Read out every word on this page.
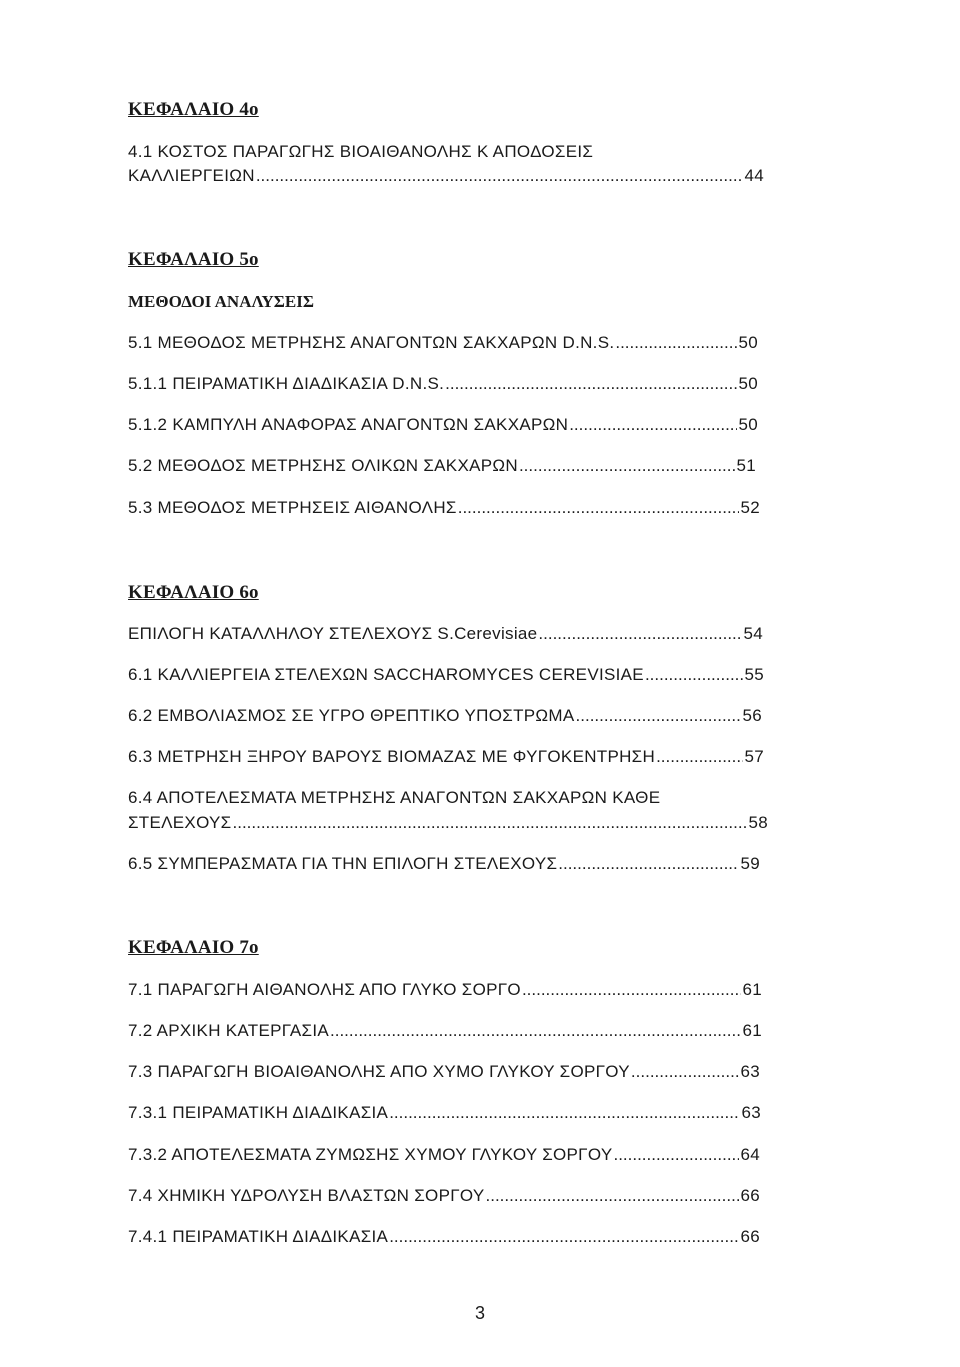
ΚΕΦΑΛΑΙΟ 4ο
4.1 ΚΟΣΤΟΣ ΠΑΡΑΓΩΓΗΣ ΒΙΟΑΙΘΑΝΟΛΗΣ Κ ΑΠΟΔΟΣΕΙΣ
ΚΑΛΛΙΕΡΓΕΙΩΝ .....	44
ΚΕΦΑΛΑΙΟ 5ο
ΜΕΘΟΔΟΙ ΑΝΑΛΥΣΕΙΣ
5.1 ΜΕΘΟΔΟΣ ΜΕΤΡΗΣΗΣ ΑΝΑΓΟΝΤΩΝ ΣΑΚΧΑΡΩΝ D.N.S. .....	50
5.1.1 ΠΕΙΡΑΜΑΤΙΚΗ ΔΙΑΔΙΚΑΣΙΑ D.N.S. .....	50
5.1.2 ΚΑΜΠΥΛΗ ΑΝΑΦΟΡΑΣ ΑΝΑΓΟΝΤΩΝ ΣΑΚΧΑΡΩΝ .....	50
5.2 ΜΕΘΟΔΟΣ ΜΕΤΡΗΣΗΣ ΟΛΙΚΩΝ ΣΑΚΧΑΡΩΝ .....	51
5.3 ΜΕΘΟΔΟΣ ΜΕΤΡΗΣΕΙΣ ΑΙΘΑΝΟΛΗΣ .....	52
ΚΕΦΑΛΑΙΟ 6ο
ΕΠΙΛΟΓΗ ΚΑΤΑΛΛΗΛΟΥ ΣΤΕΛΕΧΟΥΣ S.Cerevisiae .....	54
6.1 ΚΑΛΛΙΕΡΓΕΙΑ ΣΤΕΛΕΧΩΝ SACCHAROMYCES CEREVISIAE .....	55
6.2 ΕΜΒΟΛΙΑΣΜΟΣ ΣΕ ΥΓΡΟ ΘΡΕΠΤΙΚΟ ΥΠΟΣΤΡΩΜΑ .....	56
6.3 ΜΕΤΡΗΣΗ ΞΗΡΟΥ ΒΑΡΟΥΣ ΒΙΟΜΑΖΑΣ ΜΕ ΦΥΓΟΚΕΝΤΡΗΣΗ .....	57
6.4 ΑΠΟΤΕΛΕΣΜΑΤΑ ΜΕΤΡΗΣΗΣ ΑΝΑΓΟΝΤΩΝ ΣΑΚΧΑΡΩΝ ΚΑΘΕ
ΣΤΕΛΕΧΟΥΣ .....	58
6.5 ΣΥΜΠΕΡΑΣΜΑΤΑ ΓΙΑ ΤΗΝ ΕΠΙΛΟΓΗ ΣΤΕΛΕΧΟΥΣ .....	59
ΚΕΦΑΛΑΙΟ 7ο
7.1 ΠΑΡΑΓΩΓΗ ΑΙΘΑΝΟΛΗΣ ΑΠΟ ΓΛΥΚΟ ΣΟΡΓΟ .....	61
7.2 ΑΡΧΙΚΗ ΚΑΤΕΡΓΑΣΙΑ .....	61
7.3 ΠΑΡΑΓΩΓΗ ΒΙΟΑΙΘΑΝΟΛΗΣ ΑΠΟ ΧΥΜΟ ΓΛΥΚΟΥ ΣΟΡΓΟΥ .....	63
7.3.1 ΠΕΙΡΑΜΑΤΙΚΗ ΔΙΑΔΙΚΑΣΙΑ .....	63
7.3.2 ΑΠΟΤΕΛΕΣΜΑΤΑ ΖΥΜΩΣΗΣ ΧΥΜΟΥ ΓΛΥΚΟΥ ΣΟΡΓΟΥ .....	64
7.4 ΧΗΜΙΚΗ ΥΔΡΟΛΥΣΗ ΒΛΑΣΤΩΝ ΣΟΡΓΟΥ .....	66
7.4.1 ΠΕΙΡΑΜΑΤΙΚΗ ΔΙΑΔΙΚΑΣΙΑ .....	66
3
